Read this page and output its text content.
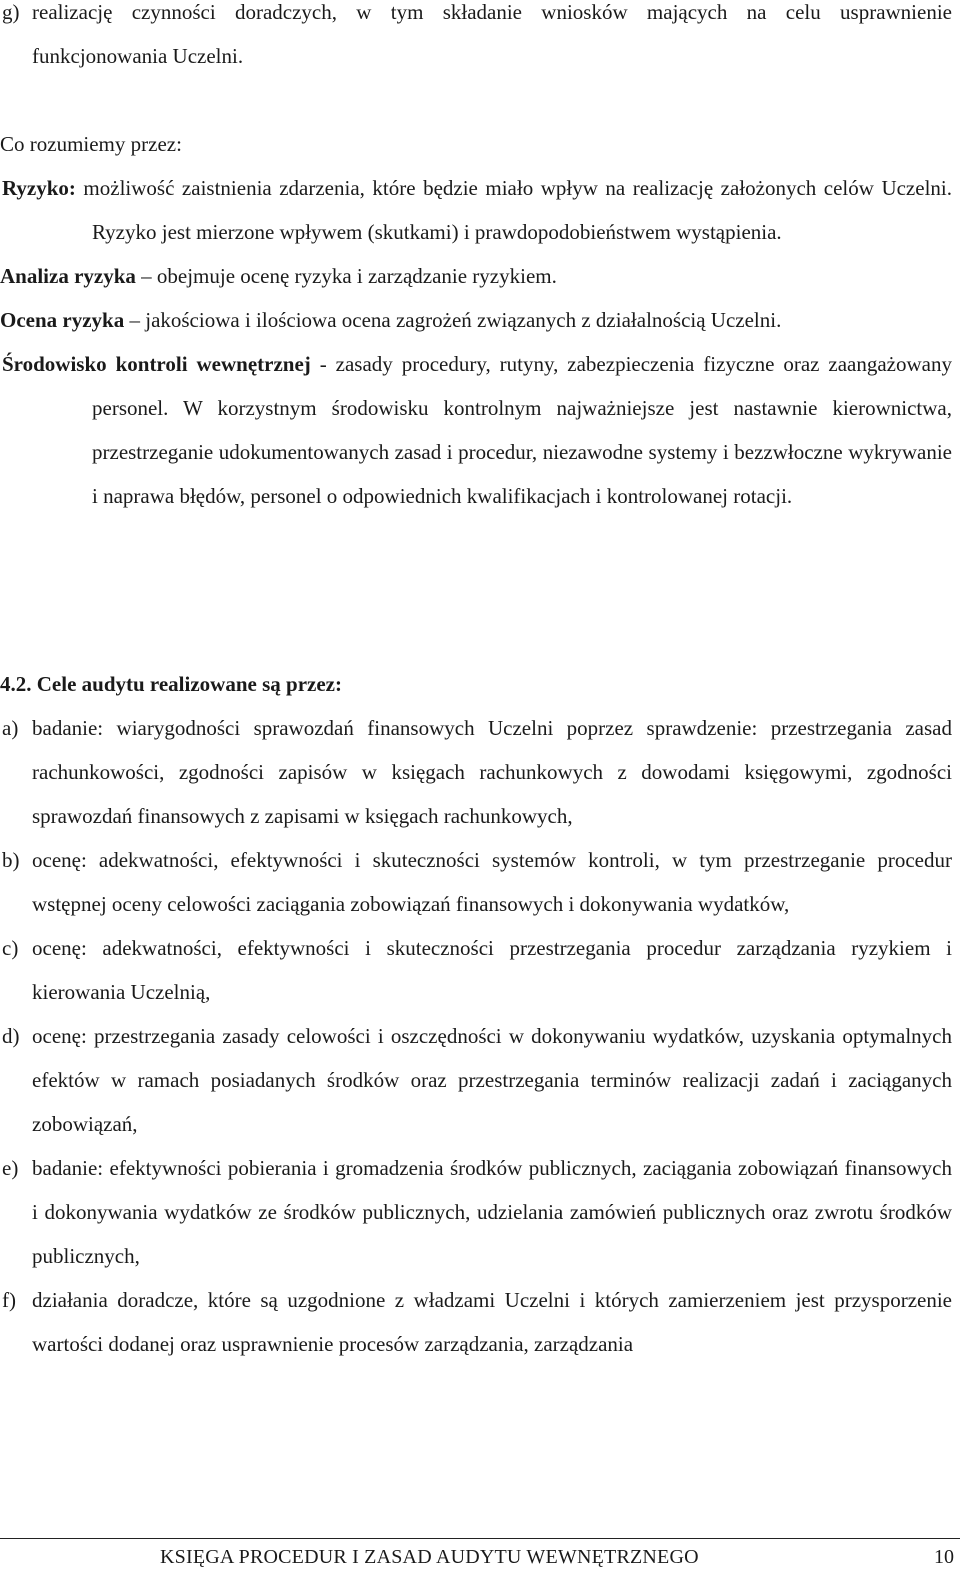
g) realizację czynności doradczych, w tym składanie wniosków mających na celu usprawnienie funkcjonowania Uczelni.

Co rozumiemy przez:

Ryzyko: możliwość zaistnienia zdarzenia, które będzie miało wpływ na realizację założonych celów Uczelni. Ryzyko jest mierzone wpływem (skutkami) i prawdopodobieństwem wystąpienia.

Analiza ryzyka – obejmuje ocenę ryzyka i zarządzanie ryzykiem.

Ocena ryzyka – jakościowa i ilościowa ocena zagrożeń związanych z działalnością Uczelni.

Środowisko kontroli wewnętrznej - zasady procedury, rutyny, zabezpieczenia fizyczne oraz zaangażowany personel. W korzystnym środowisku kontrolnym najważniejsze jest nastawnie kierownictwa, przestrzeganie udokumentowanych zasad i procedur, niezawodne systemy i bezzwłoczne wykrywanie i naprawa błędów, personel o odpowiednich kwalifikacjach i kontrolowanej rotacji.

4.2. Cele audytu realizowane są przez:

a) badanie: wiarygodności sprawozdań finansowych Uczelni poprzez sprawdzenie: przestrzegania zasad rachunkowości, zgodności zapisów w księgach rachunkowych z dowodami księgowymi, zgodności sprawozdań finansowych z zapisami w księgach rachunkowych,

b) ocenę: adekwatności, efektywności i skuteczności systemów kontroli, w tym przestrzeganie procedur wstępnej oceny celowości zaciągania zobowiązań finansowych i dokonywania wydatków,

c) ocenę: adekwatności, efektywności i skuteczności przestrzegania procedur zarządzania ryzykiem i kierowania Uczelnią,

d) ocenę: przestrzegania zasady celowości i oszczędności w dokonywaniu wydatków, uzyskania optymalnych efektów w ramach posiadanych środków oraz przestrzegania terminów realizacji zadań i zaciąganych zobowiązań,

e) badanie: efektywności pobierania i gromadzenia środków publicznych, zaciągania zobowiązań finansowych i dokonywania wydatków ze środków publicznych, udzielania zamówień publicznych oraz zwrotu środków publicznych,

f) działania doradcze, które są uzgodnione z władzami Uczelni i których zamierzeniem jest przysporzenie wartości dodanej oraz usprawnienie procesów zarządzania, zarządzania

KSIĘGA PROCEDUR I ZASAD AUDYTU WEWNĘTRZNEGO	10
